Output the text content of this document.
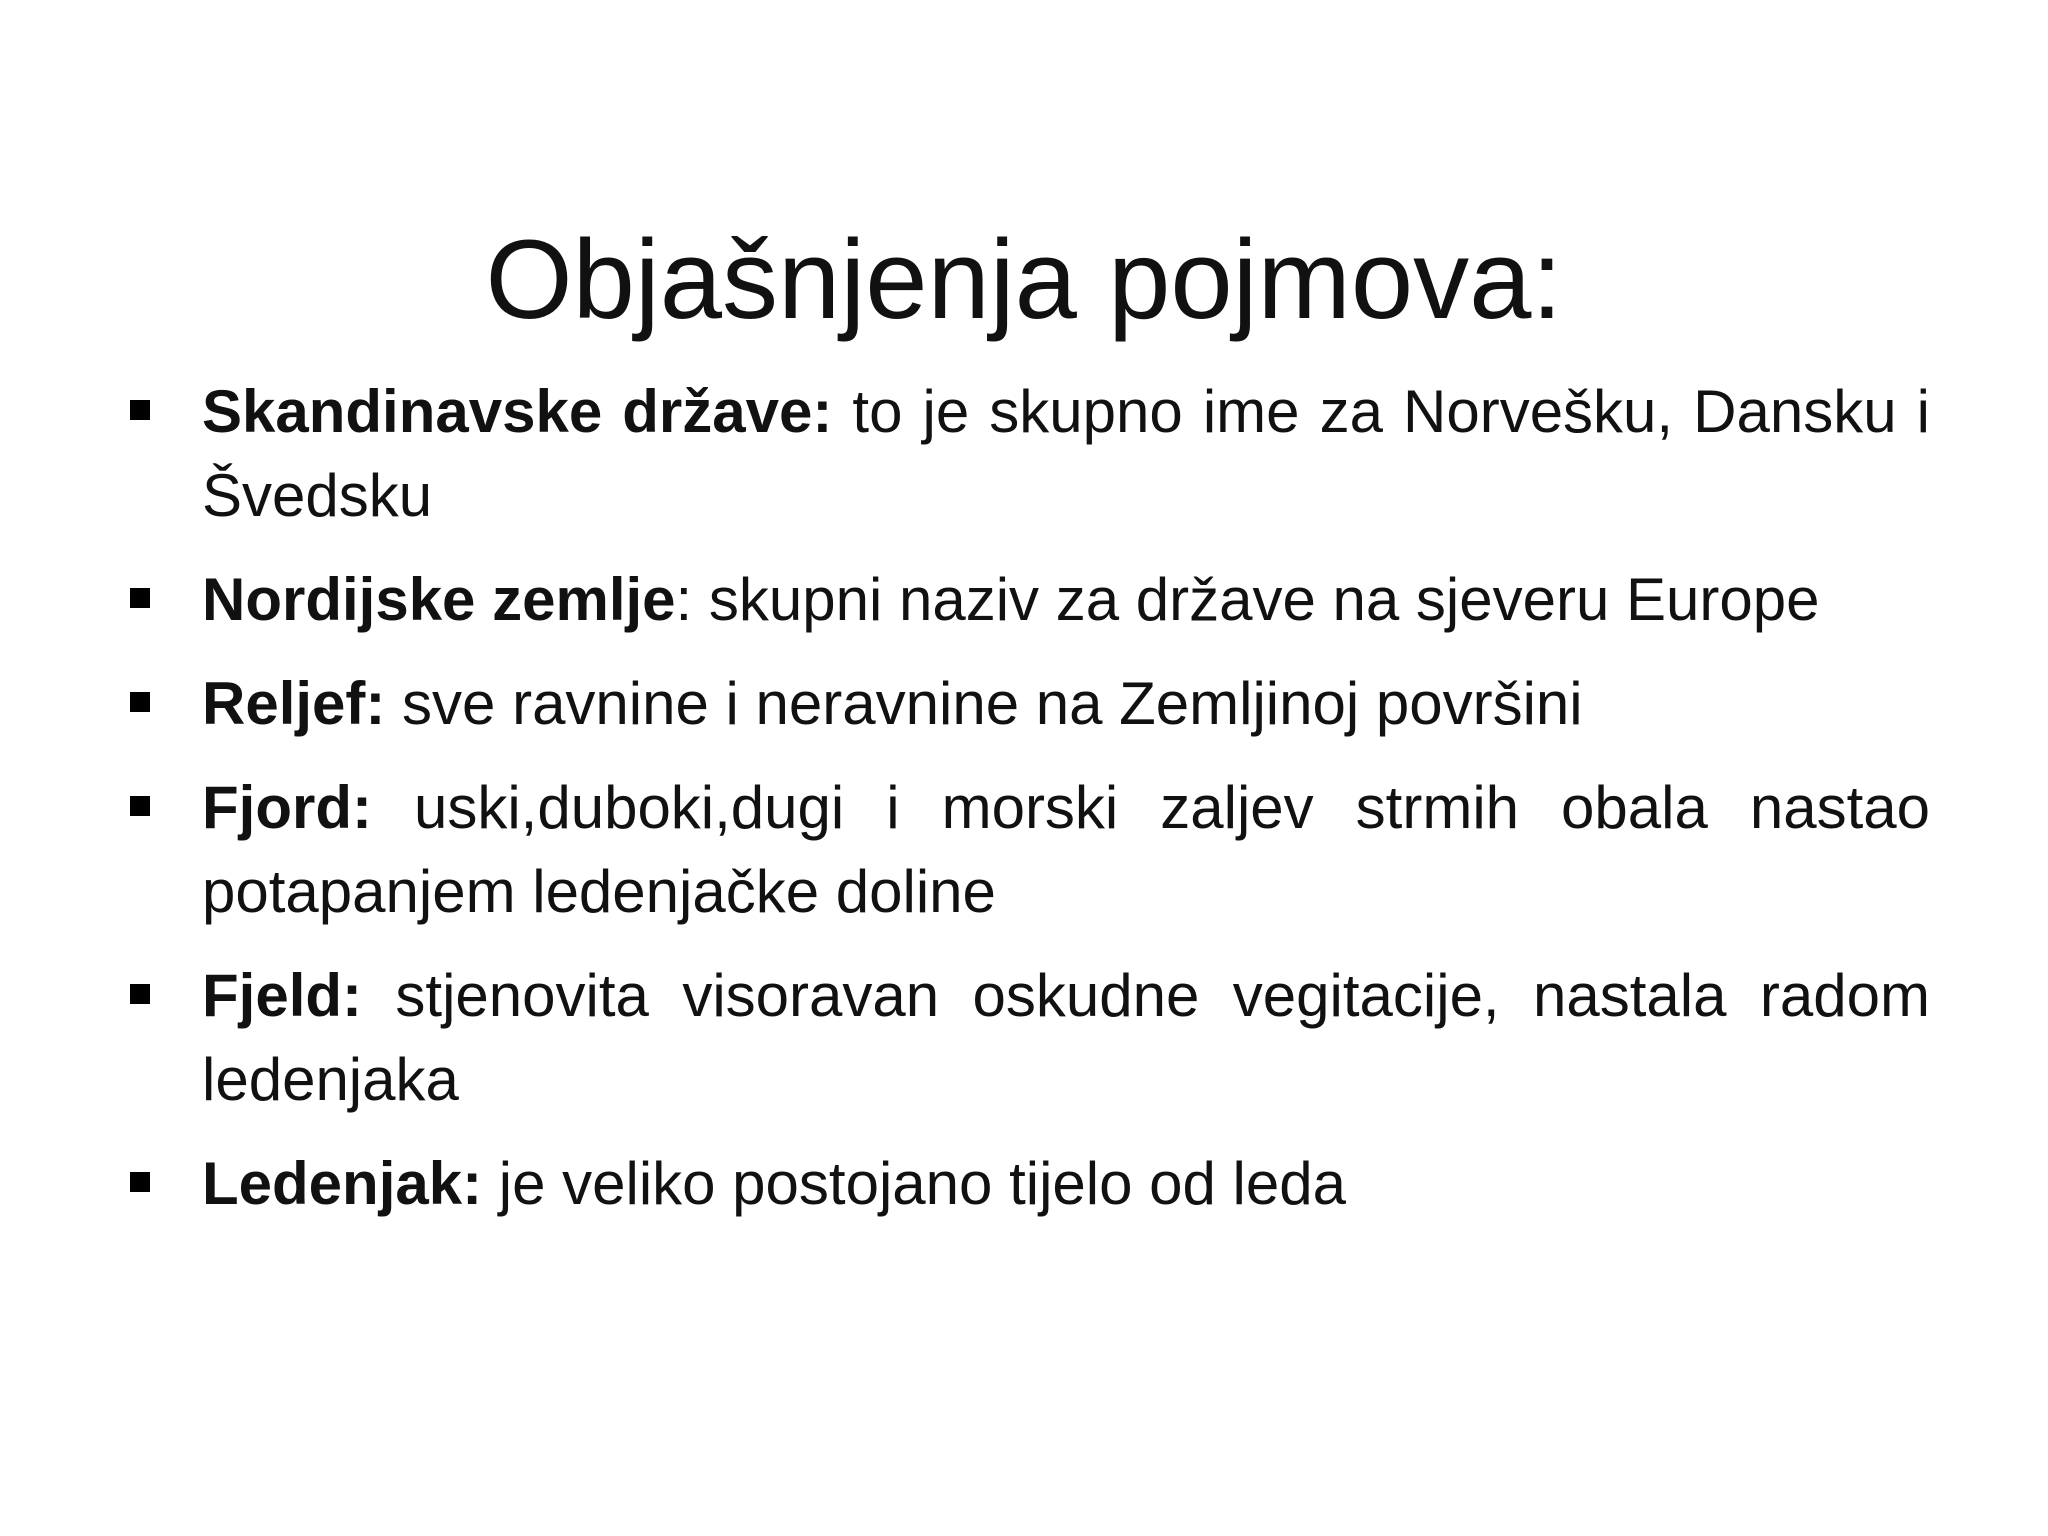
Objašnjenja pojmova:
Skandinavske države: to je skupno ime za Norvešku, Dansku i Švedsku
Nordijske zemlje: skupni naziv za države na sjeveru Europe
Reljef: sve ravnine i neravnine na Zemljinoj površini
Fjord: uski,duboki,dugi i morski zaljev strmih obala nastao potapanjem ledenjačke doline
Fjeld: stjenovita visoravan oskudne vegitacije, nastala radom ledenjaka
Ledenjak: je veliko postojano tijelo od leda
